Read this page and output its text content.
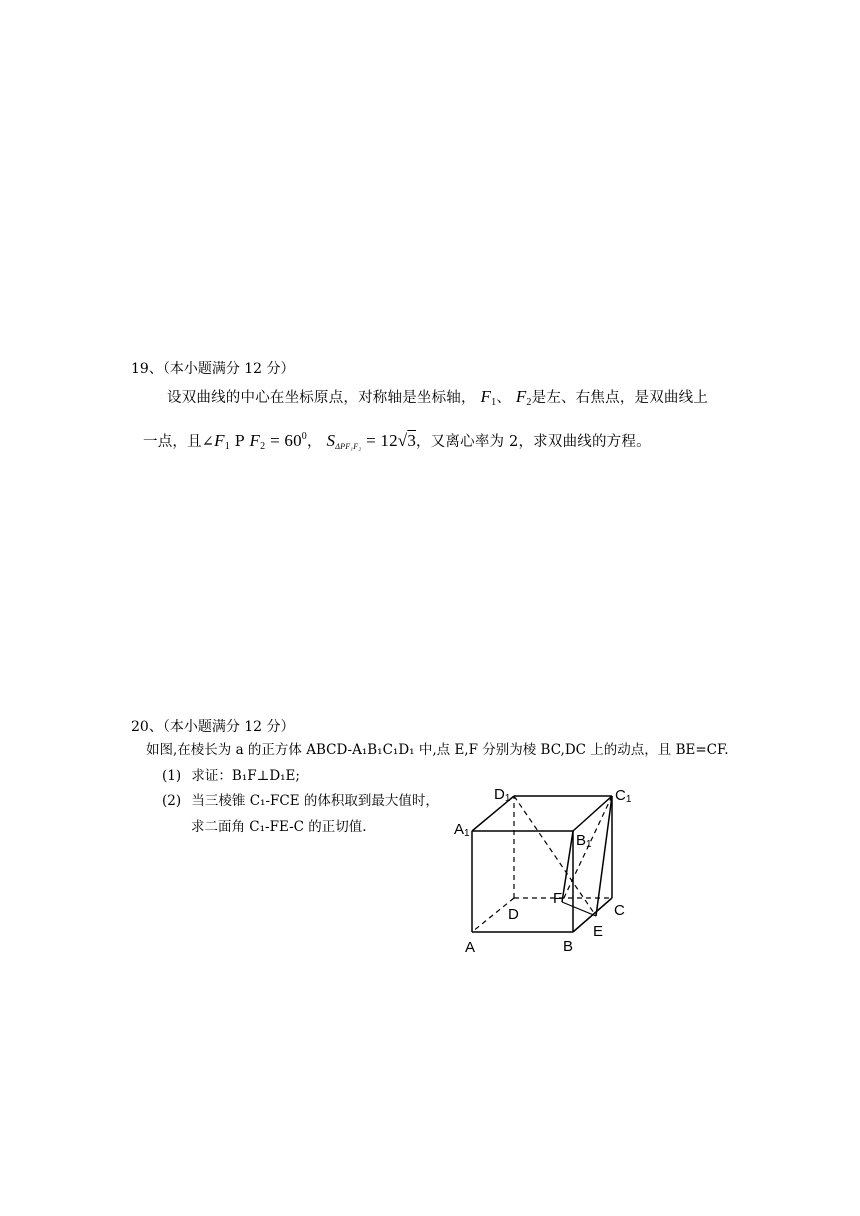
19、（本小题满分 12 分）
设双曲线的中心在坐标原点，对称轴是坐标轴， $F_1$、 $F_2$是左、右焦点，是双曲线上
一点，且$\angle F_1$ P $F_2 = 60^0$， $S_{\Delta PF_1F_2} = 12√3$，又离心率为 2，求双曲线的方程。
20、（本小题满分 12 分）
如图,在棱长为 a 的正方体 ABCD-A₁B₁C₁D₁ 中,点 E,F 分别为棱 BC,DC 上的动点，且 BE=CF.
(1) 求证：B₁F⊥D₁E;
(2) 当三棱锥 C₁-FCE 的体积取到最大值时，
求二面角 C₁-FE-C 的正切值.
D1	C1
A1	B1
F
D	C
E
A	B
